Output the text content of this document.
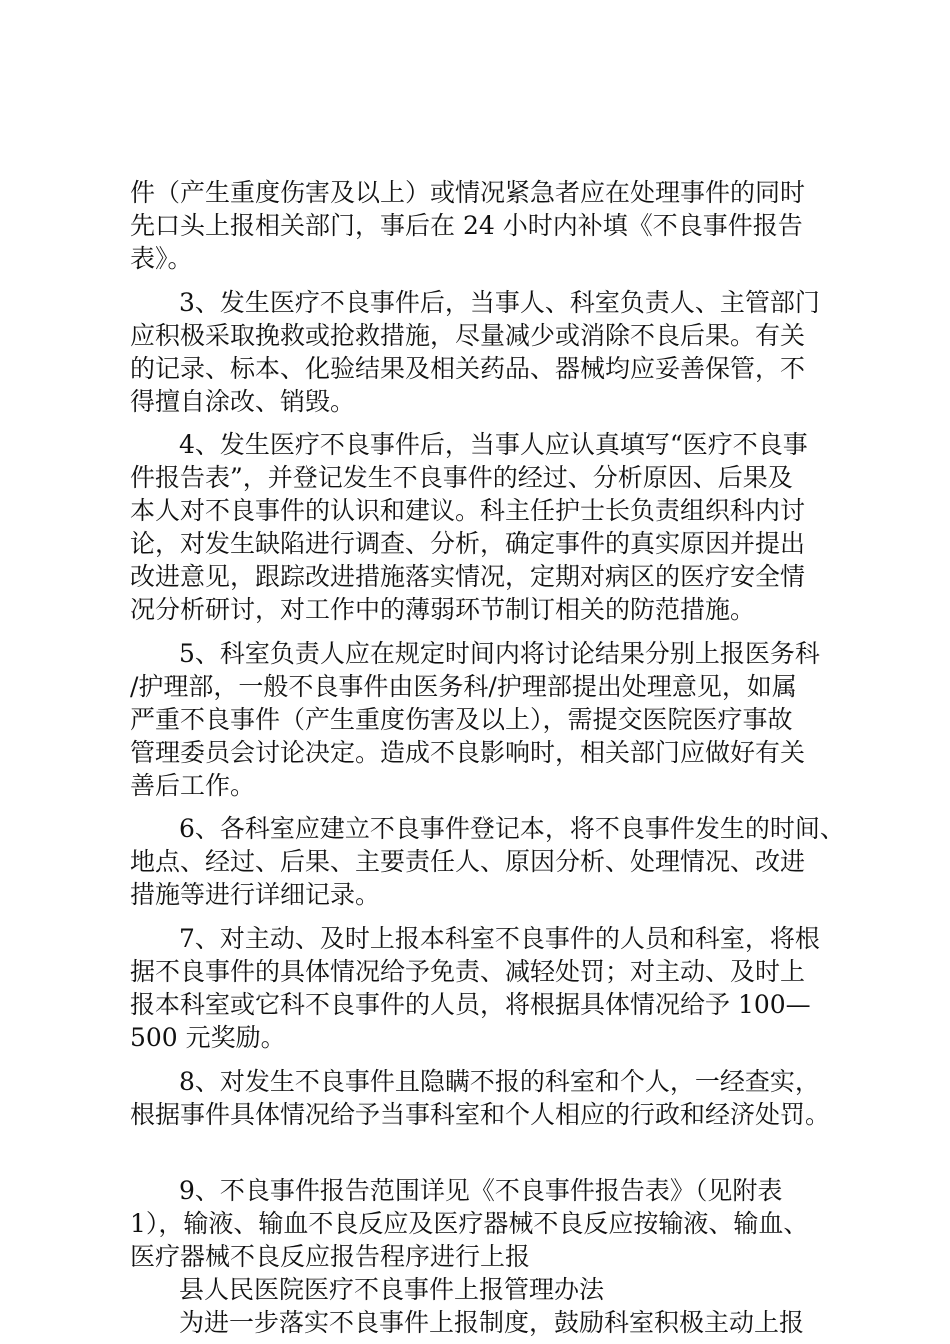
件（产生重度伤害及以上）或情况紧急者应在处理事件的同时
先口头上报相关部门，事后在 24 小时内补填《不良事件报告
表》。
3、发生医疗不良事件后，当事人、科室负责人、主管部门
应积极采取挽救或抢救措施，尽量减少或消除不良后果。有关
的记录、标本、化验结果及相关药品、器械均应妥善保管，不
得擅自涂改、销毁。
4、发生医疗不良事件后，当事人应认真填写“医疗不良事
件报告表”，并登记发生不良事件的经过、分析原因、后果及
本人对不良事件的认识和建议。科主任护士长负责组织科内讨
论，对发生缺陷进行调查、分析，确定事件的真实原因并提出
改进意见，跟踪改进措施落实情况，定期对病区的医疗安全情
况分析研讨，对工作中的薄弱环节制订相关的防范措施。
5、科室负责人应在规定时间内将讨论结果分别上报医务科
/护理部，一般不良事件由医务科/护理部提出处理意见，如属
严重不良事件（产生重度伤害及以上），需提交医院医疗事故
管理委员会讨论决定。造成不良影响时，相关部门应做好有关
善后工作。
6、各科室应建立不良事件登记本，将不良事件发生的时间、
地点、经过、后果、主要责任人、原因分析、处理情况、改进
措施等进行详细记录。
7、对主动、及时上报本科室不良事件的人员和科室，将根
据不良事件的具体情况给予免责、减轻处罚；对主动、及时上
报本科室或它科不良事件的人员，将根据具体情况给予 100—
500 元奖励。
8、对发生不良事件且隐瞒不报的科室和个人，一经查实，
根据事件具体情况给予当事科室和个人相应的行政和经济处罚。
9、不良事件报告范围详见《不良事件报告表》（见附表
1），输液、输血不良反应及医疗器械不良反应按输液、输血、
医疗器械不良反应报告程序进行上报
县人民医院医疗不良事件上报管理办法
为进一步落实不良事件上报制度，鼓励科室积极主动上报
